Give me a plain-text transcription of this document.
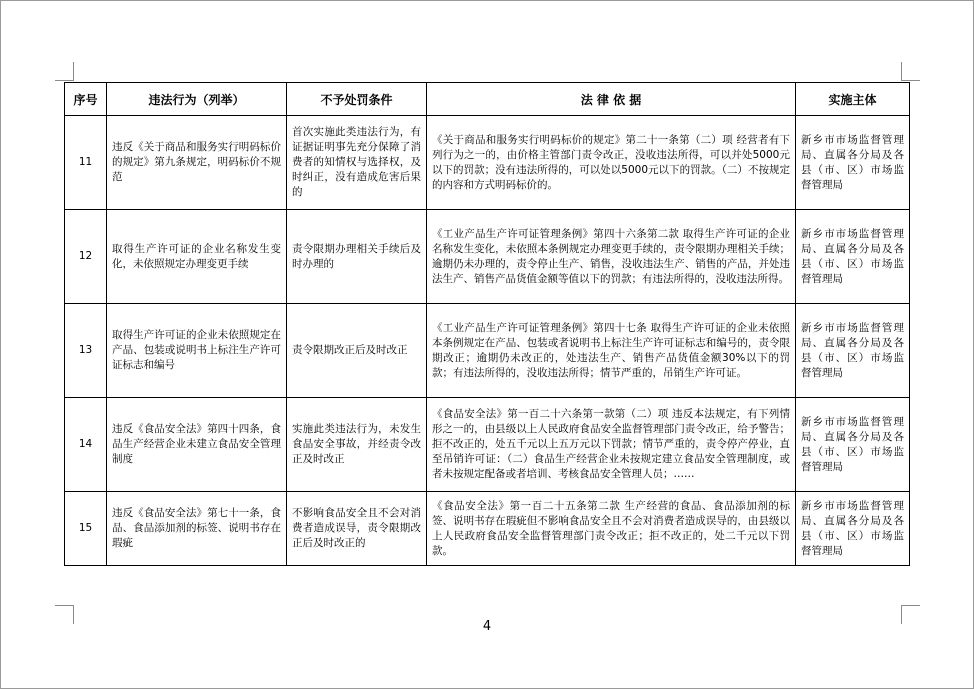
序号	违法行为（列举）	不予处罚条件	法 律 依 据	实施主体
11	违反《关于商品和服务实行明码标价的规定》第九条规定，明码标价不规范	首次实施此类违法行为，有证据证明事先充分保障了消费者的知情权与选择权，及时纠正，没有造成危害后果的	《关于商品和服务实行明码标价的规定》第二十一条第（二）项 经营者有下列行为之一的，由价格主管部门责令改正，没收违法所得，可以并处5000元以下的罚款；没有违法所得的，可以处以5000元以下的罚款。（二）不按规定的内容和方式明码标价的。	新乡市市场监督管理局、直属各分局及各县（市、区）市场监督管理局
12	取得生产许可证的企业名称发生变化，未依照规定办理变更手续	责令限期办理相关手续后及时办理的	《工业产品生产许可证管理条例》第四十六条第二款 取得生产许可证的企业名称发生变化，未依照本条例规定办理变更手续的，责令限期办理相关手续；逾期仍未办理的，责令停止生产、销售，没收违法生产、销售的产品，并处违法生产、销售产品货值金额等值以下的罚款；有违法所得的，没收违法所得。	新乡市市场监督管理局、直属各分局及各县（市、区）市场监督管理局
13	取得生产许可证的企业未依照规定在产品、包装或说明书上标注生产许可证标志和编号	责令限期改正后及时改正	《工业产品生产许可证管理条例》第四十七条 取得生产许可证的企业未依照本条例规定在产品、包装或者说明书上标注生产许可证标志和编号的，责令限期改正；逾期仍未改正的，处违法生产、销售产品货值金额30%以下的罚款；有违法所得的，没收违法所得；情节严重的，吊销生产许可证。	新乡市市场监督管理局、直属各分局及各县（市、区）市场监督管理局
14	违反《食品安全法》第四十四条，食品生产经营企业未建立食品安全管理制度	实施此类违法行为，未发生食品安全事故，并经责令改正及时改正	《食品安全法》第一百二十六条第一款第（二）项 违反本法规定，有下列情形之一的，由县级以上人民政府食品安全监督管理部门责令改正，给予警告；拒不改正的，处五千元以上五万元以下罚款；情节严重的，责令停产停业，直至吊销许可证：（二）食品生产经营企业未按规定建立食品安全管理制度，或者未按规定配备或者培训、考核食品安全管理人员；……	新乡市市场监督管理局、直属各分局及各县（市、区）市场监督管理局
15	违反《食品安全法》第七十一条，食品、食品添加剂的标签、说明书存在瑕疵	不影响食品安全且不会对消费者造成误导，责令限期改正后及时改正的	《食品安全法》第一百二十五条第二款 生产经营的食品、食品添加剂的标签、说明书存在瑕疵但不影响食品安全且不会对消费者造成误导的，由县级以上人民政府食品安全监督管理部门责令改正；拒不改正的，处二千元以下罚款。	新乡市市场监督管理局、直属各分局及各县（市、区）市场监督管理局
4
